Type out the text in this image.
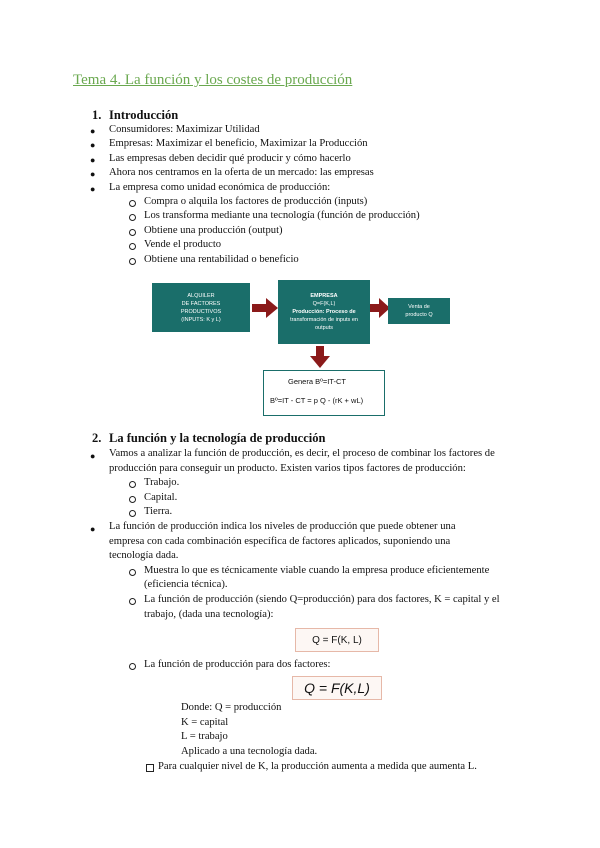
Tema 4. La función y los costes de producción
1. Introducción
● Consumidores: Maximizar Utilidad
● Empresas: Maximizar el beneficio, Maximizar la Producción
● Las empresas deben decidir qué producir y cómo hacerlo
● Ahora nos centramos en la oferta de un mercado: las empresas
● La empresa como unidad económica de producción:
Compra o alquila los factores de producción (inputs)
Los transforma mediante una tecnología (función de producción)
Obtiene una producción (output)
Vende el producto
Obtiene una rentabilidad o beneficio
ALQUILER
DE FACTORES
PRODUCTIVOS
(INPUTS: K y L)
EMPRESA
Q=F(K,L)
Producción: Proceso de
transformación de inputs en
outputs
Venta de
producto Q
Genera Bº=IT-CT
Bº=IT - CT = p Q - (rK + wL)
2. La función y la tecnología de producción
● Vamos a analizar la función de producción, es decir, el proceso de combinar los factores de
producción para conseguir un producto. Existen varios tipos factores de producción:
Trabajo.
Capital.
Tierra.
● La función de producción indica los niveles de producción que puede obtener una
empresa con cada combinación específica de factores aplicados, suponiendo una
tecnología dada.
Muestra lo que es técnicamente viable cuando la empresa produce eficientemente
(eficiencia técnica).
La función de producción (siendo Q=producción) para dos factores, K = capital y el
trabajo, (dada una tecnología):
Q = F(K, L)
La función de producción para dos factores:
Q = F(K,L)
Donde: Q = producción
K = capital
L = trabajo
Aplicado a una tecnología dada.
Para cualquier nivel de K, la producción aumenta a medida que aumenta L.
